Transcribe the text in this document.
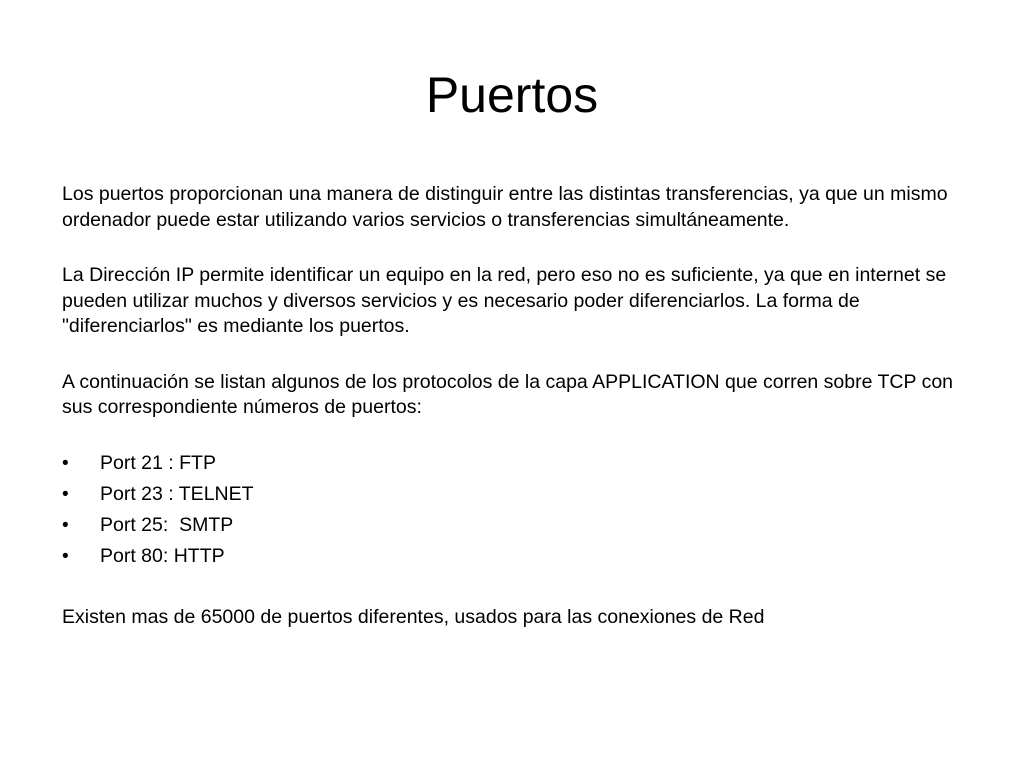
Puertos

Los puertos proporcionan una manera de distinguir entre las distintas transferencias, ya que un mismo ordenador puede estar utilizando varios servicios o transferencias simultáneamente.

La Dirección IP permite identificar un equipo en la red, pero eso no es suficiente, ya que en internet se pueden utilizar muchos y diversos servicios y es necesario poder diferenciarlos. La forma de "diferenciarlos" es mediante los puertos.

A continuación se listan algunos de los protocolos de la capa APPLICATION que corren sobre TCP con sus correspondiente números de puertos:

•	Port 21 : FTP
•	Port 23 : TELNET
•	Port 25:  SMTP
•	Port 80: HTTP

Existen mas de 65000 de puertos diferentes, usados para las conexiones de Red
